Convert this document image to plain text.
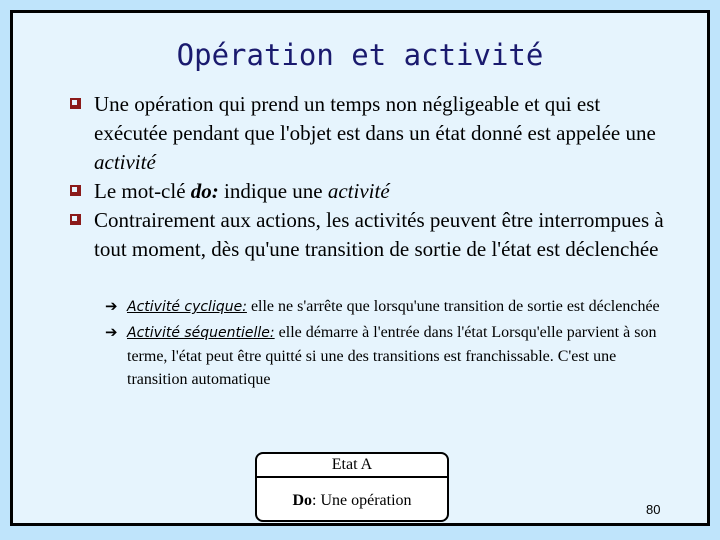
Opération et activité

Une opération qui prend un temps non négligeable et qui est exécutée pendant que l'objet est dans un état donné est appelée une activité

Le mot-clé do: indique une activité

Contrairement aux actions, les activités peuvent être interrompues à tout moment, dès qu'une transition de sortie de l'état est déclenchée

➔ Activité cyclique: elle ne s'arrête que lorsqu'une transition de sortie est déclenchée
➔ Activité séquentielle: elle démarre à l'entrée dans l'état Lorsqu'elle parvient à son terme, l'état peut être quitté si une des transitions est franchissable. C'est une transition automatique
Etat A
Do: Une opération
80
